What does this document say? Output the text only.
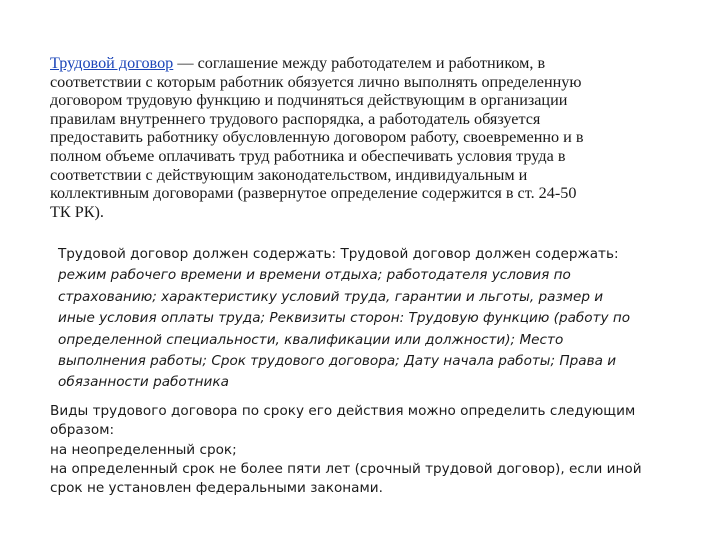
Трудовой договор — соглашение между работодателем и работником, в
соответствии с которым работник обязуется лично выполнять определенную
договором трудовую функцию и подчиняться действующим в организации
правилам внутреннего трудового распорядка, а работодатель обязуется
предоставить работнику обусловленную договором работу, своевременно и в
полном объеме оплачивать труд работника и обеспечивать условия труда в
соответствии с действующим законодательством, индивидуальным и
коллективным договорами (развернутое определение содержится в ст. 24-50
ТК РК).
Трудовой договор должен содержать: Трудовой договор должен содержать:
режим рабочего времени и времени отдыха; работодателя условия по
страхованию; характеристику условий труда, гарантии и льготы, размер и
иные условия оплаты труда; Реквизиты сторон: Трудовую функцию (работу по
определенной специальности, квалификации или должности); Место
выполнения работы; Срок трудового договора; Дату начала работы; Права и
обязанности работника
Виды трудового договора по сроку его действия можно определить следующим
образом:
на неопределенный срок;
на определенный срок не более пяти лет (срочный трудовой договор), если иной
срок не установлен федеральными законами.
